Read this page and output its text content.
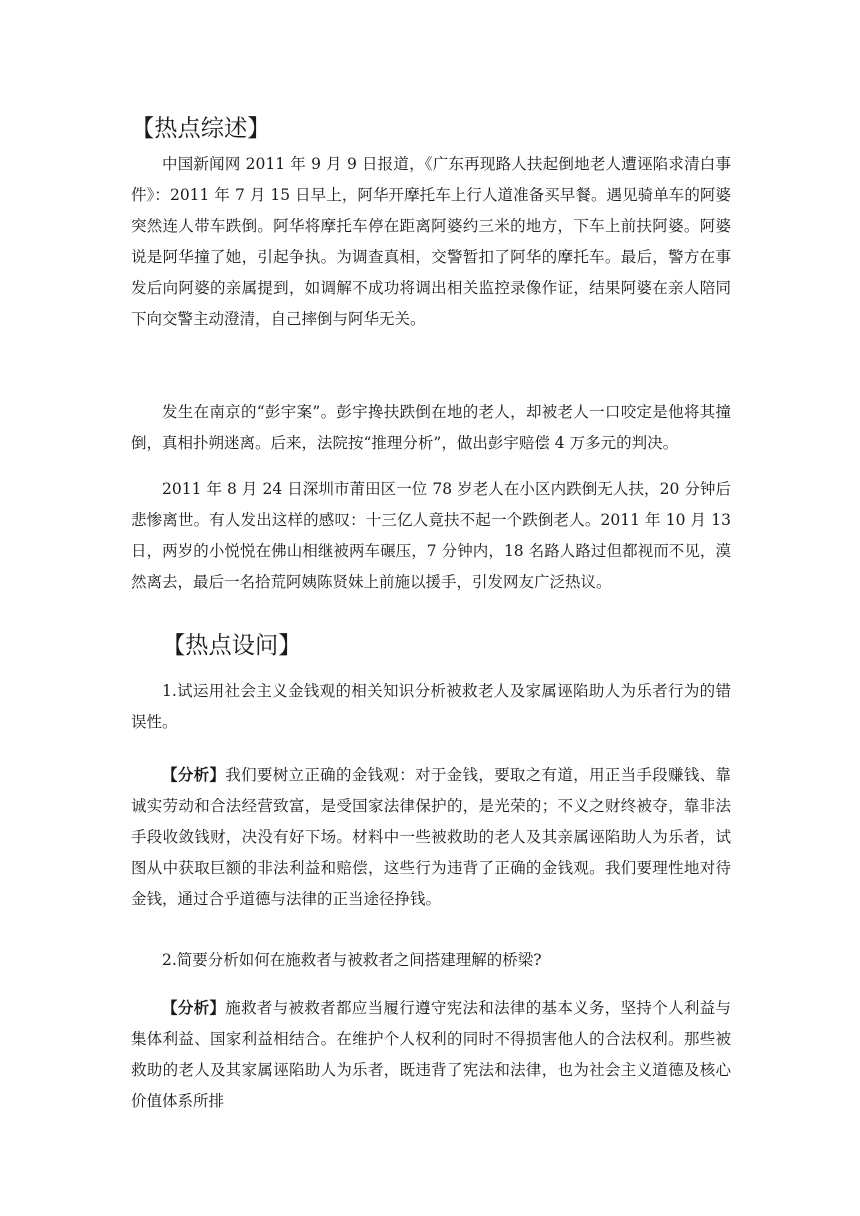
【热点综述】

中国新闻网 2011 年 9 月 9 日报道，《广东再现路人扶起倒地老人遭诬陷求清白事件》：2011 年 7 月 15 日早上，阿华开摩托车上行人道准备买早餐。遇见骑单车的阿婆突然连人带车跌倒。阿华将摩托车停在距离阿婆约三米的地方，下车上前扶阿婆。阿婆说是阿华撞了她，引起争执。为调查真相，交警暂扣了阿华的摩托车。最后，警方在事发后向阿婆的亲属提到，如调解不成功将调出相关监控录像作证，结果阿婆在亲人陪同下向交警主动澄清，自己摔倒与阿华无关。

发生在南京的“彭宇案”。彭宇搀扶跌倒在地的老人，却被老人一口咬定是他将其撞倒，真相扑朔迷离。后来，法院按“推理分析”，做出彭宇赔偿 4 万多元的判决。

2011 年 8 月 24 日深圳市莆田区一位 78 岁老人在小区内跌倒无人扶，20 分钟后悲惨离世。有人发出这样的感叹：十三亿人竟扶不起一个跌倒老人。2011 年 10 月 13 日，两岁的小悦悦在佛山相继被两车碾压，7 分钟内，18 名路人路过但都视而不见，漠然离去，最后一名拾荒阿姨陈贤妹上前施以援手，引发网友广泛热议。

【热点设问】

1.试运用社会主义金钱观的相关知识分析被救老人及家属诬陷助人为乐者行为的错误性。

【分析】我们要树立正确的金钱观：对于金钱，要取之有道，用正当手段赚钱、靠诚实劳动和合法经营致富，是受国家法律保护的，是光荣的；不义之财终被夺，靠非法手段收敛钱财，决没有好下场。材料中一些被救助的老人及其亲属诬陷助人为乐者，试图从中获取巨额的非法利益和赔偿，这些行为违背了正确的金钱观。我们要理性地对待金钱，通过合乎道德与法律的正当途径挣钱。

2.简要分析如何在施救者与被救者之间搭建理解的桥梁?

【分析】施救者与被救者都应当履行遵守宪法和法律的基本义务，坚持个人利益与集体利益、国家利益相结合。在维护个人权利的同时不得损害他人的合法权利。那些被救助的老人及其家属诬陷助人为乐者，既违背了宪法和法律，也为社会主义道德及核心价值体系所排
